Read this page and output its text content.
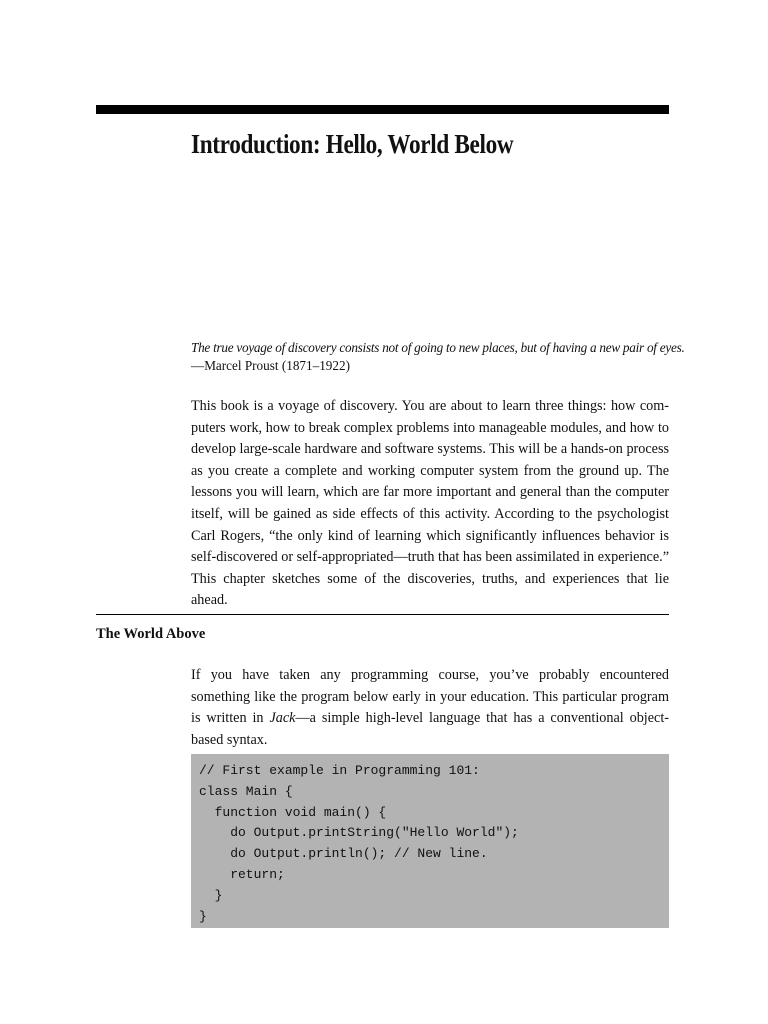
Introduction: Hello, World Below
The true voyage of discovery consists not of going to new places, but of having a new pair of eyes.
—Marcel Proust (1871–1922)

This book is a voyage of discovery. You are about to learn three things: how computers work, how to break complex problems into manageable modules, and how to develop large-scale hardware and software systems. This will be a hands-on process as you create a complete and working computer system from the ground up. The lessons you will learn, which are far more important and general than the computer itself, will be gained as side effects of this activity. According to the psychologist Carl Rogers, “the only kind of learning which significantly influences behavior is self-discovered or self-appropriated—truth that has been assimilated in experience.” This chapter sketches some of the discoveries, truths, and experiences that lie ahead.

The World Above

If you have taken any programming course, you’ve probably encountered something like the program below early in your education. This particular program is written in Jack—a simple high-level language that has a conventional object-based syntax.

// First example in Programming 101:
class Main {
function void main() {
do Output.printString("Hello World");
do Output.println(); // New line.
return;
}
}
